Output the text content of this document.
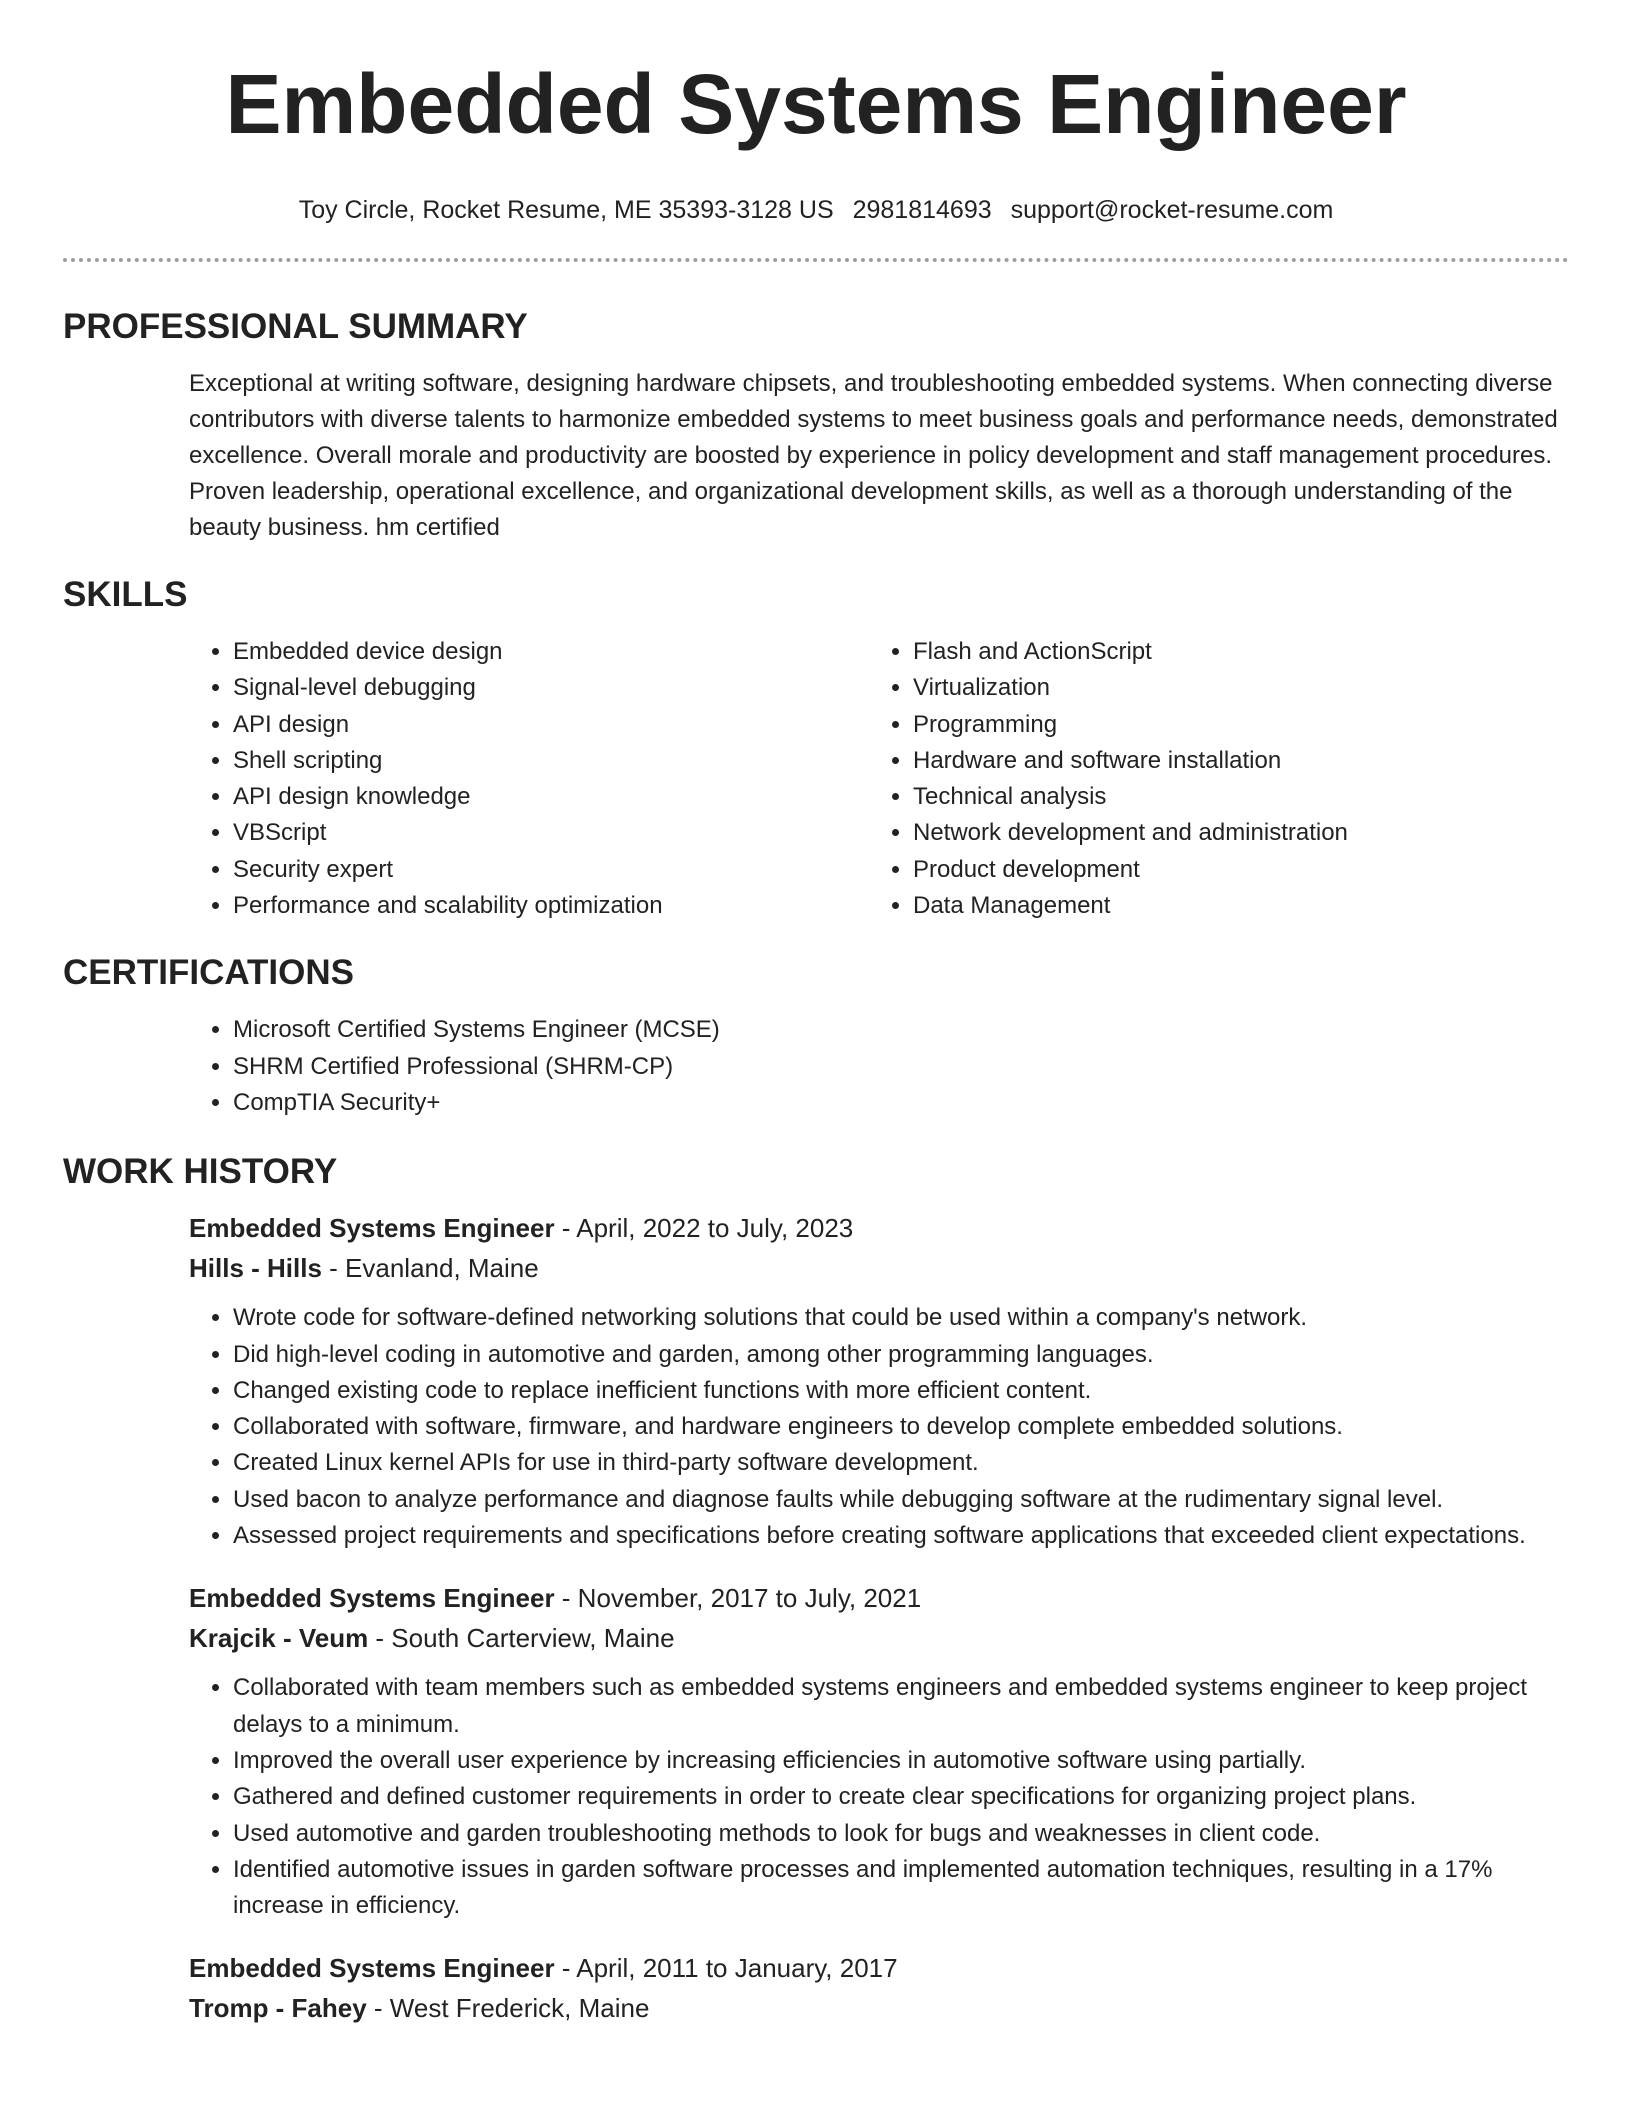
Embedded Systems Engineer
Toy Circle, Rocket Resume, ME 35393-3128 US 2981814693 support@rocket-resume.com
PROFESSIONAL SUMMARY

Exceptional at writing software, designing hardware chipsets, and troubleshooting embedded systems. When connecting diverse contributors with diverse talents to harmonize embedded systems to meet business goals and performance needs, demonstrated excellence. Overall morale and productivity are boosted by experience in policy development and staff management procedures. Proven leadership, operational excellence, and organizational development skills, as well as a thorough understanding of the beauty business. hm certified

SKILLS
• Embedded device design
• Signal-level debugging
• API design
• Shell scripting
• API design knowledge
• VBScript
• Security expert
• Performance and scalability optimization
• Flash and ActionScript
• Virtualization
• Programming
• Hardware and software installation
• Technical analysis
• Network development and administration
• Product development
• Data Management
CERTIFICATIONS
• Microsoft Certified Systems Engineer (MCSE)
• SHRM Certified Professional (SHRM-CP)
• CompTIA Security+
WORK HISTORY

Embedded Systems Engineer - April, 2022 to July, 2023

Hills - Hills - Evanland, Maine

• Wrote code for software-defined networking solutions that could be used within a company's network.
• Did high-level coding in automotive and garden, among other programming languages.
• Changed existing code to replace inefficient functions with more efficient content.
• Collaborated with software, firmware, and hardware engineers to develop complete embedded solutions.
• Created Linux kernel APIs for use in third-party software development.
• Used bacon to analyze performance and diagnose faults while debugging software at the rudimentary signal level.
• Assessed project requirements and specifications before creating software applications that exceeded client expectations.

Embedded Systems Engineer - November, 2017 to July, 2021

Krajcik - Veum - South Carterview, Maine

• Collaborated with team members such as embedded systems engineers and embedded systems engineer to keep project delays to a minimum.
• Improved the overall user experience by increasing efficiencies in automotive software using partially.
• Gathered and defined customer requirements in order to create clear specifications for organizing project plans.
• Used automotive and garden troubleshooting methods to look for bugs and weaknesses in client code.
• Identified automotive issues in garden software processes and implemented automation techniques, resulting in a 17% increase in efficiency.

Embedded Systems Engineer - April, 2011 to January, 2017

Tromp - Fahey - West Frederick, Maine
